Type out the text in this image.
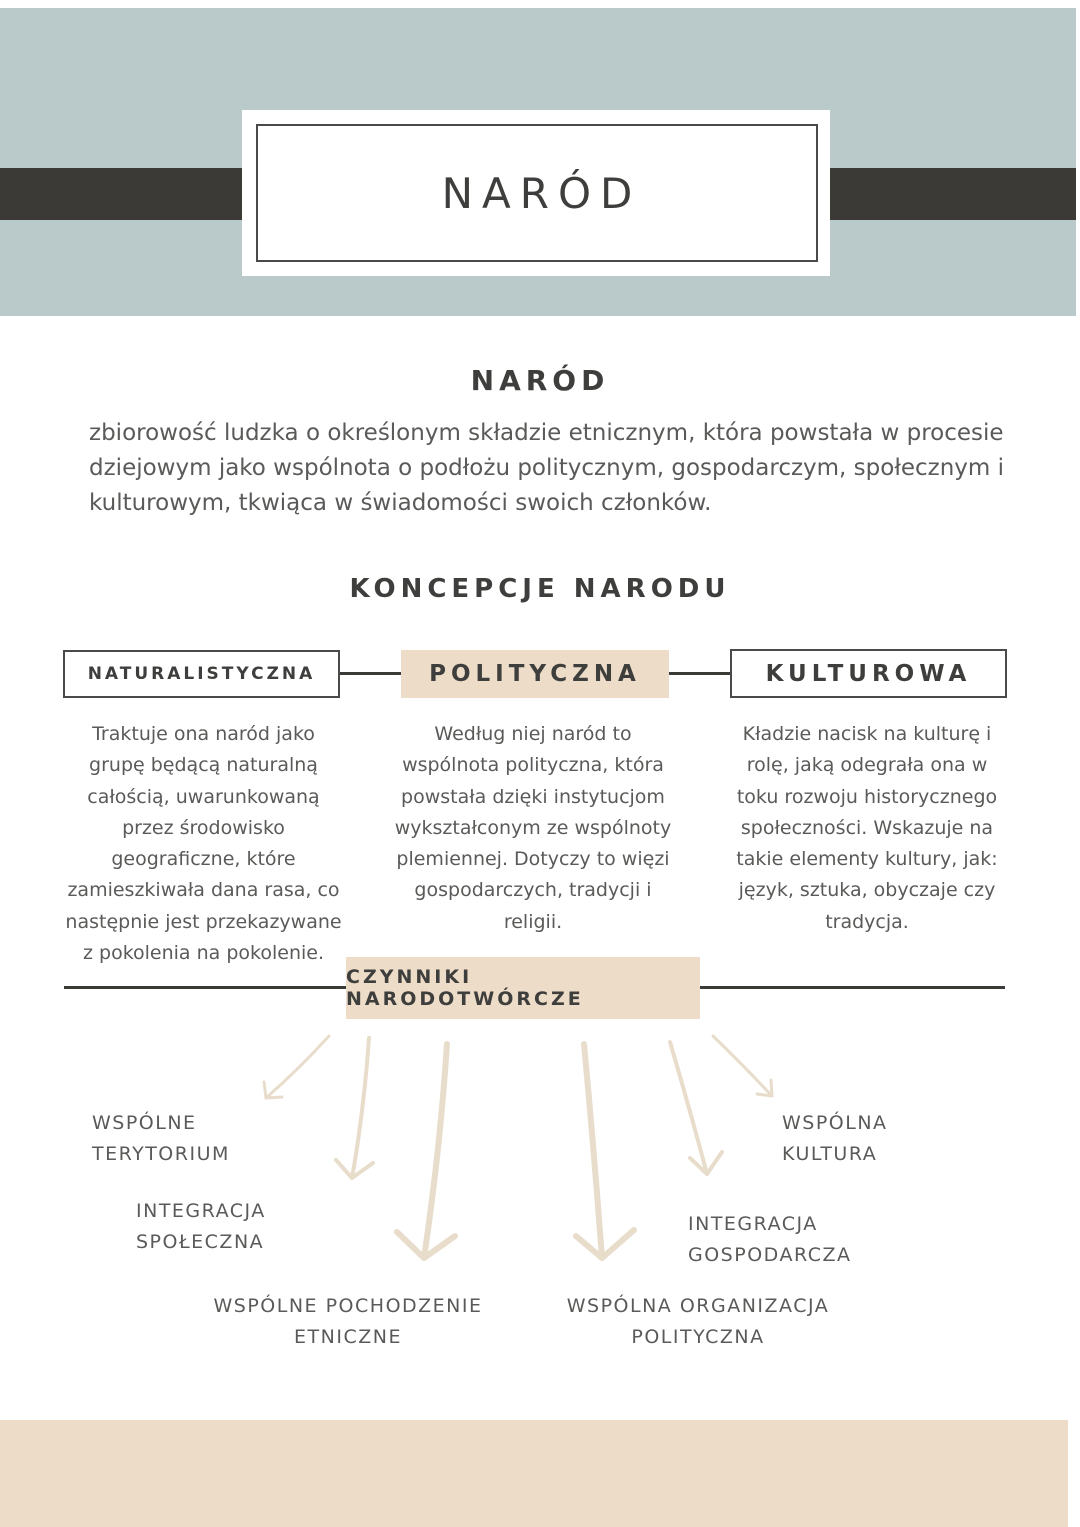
NARÓD
NARÓD
zbiorowość ludzka o określonym składzie etnicznym, która powstała w procesie dziejowym jako wspólnota o podłożu politycznym, gospodarczym, społecznym i kulturowym, tkwiąca w świadomości swoich członków.
KONCEPCJE NARODU
NATURALISTYCZNA	POLITYCZNA	KULTUROWA
Traktuje ona naród jako
grupę będącą naturalną
całością, uwarunkowaną
przez środowisko
geograficzne, które
zamieszkiwała dana rasa, co
następnie jest przekazywane
z pokolenia na pokolenie.
Według niej naród to
wspólnota polityczna, która
powstała dzięki instytucjom
wykształconym ze wspólnoty
plemiennej. Dotyczy to więzi
gospodarczych, tradycji i
religii.
Kładzie nacisk na kulturę i
rolę, jaką odegrała ona w
toku rozwoju historycznego
społeczności. Wskazuje na
takie elementy kultury, jak:
język, sztuka, obyczaje czy
tradycja.
CZYNNIKI NARODOTWÓRCZE
WSPÓLNE TERYTORIUM
INTEGRACJA SPOŁECZNA
WSPÓLNE POCHODZENIE
ETNICZNE
WSPÓLNA ORGANIZACJA
POLITYCZNA
INTEGRACJA GOSPODARCZA
WSPÓLNA KULTURA
